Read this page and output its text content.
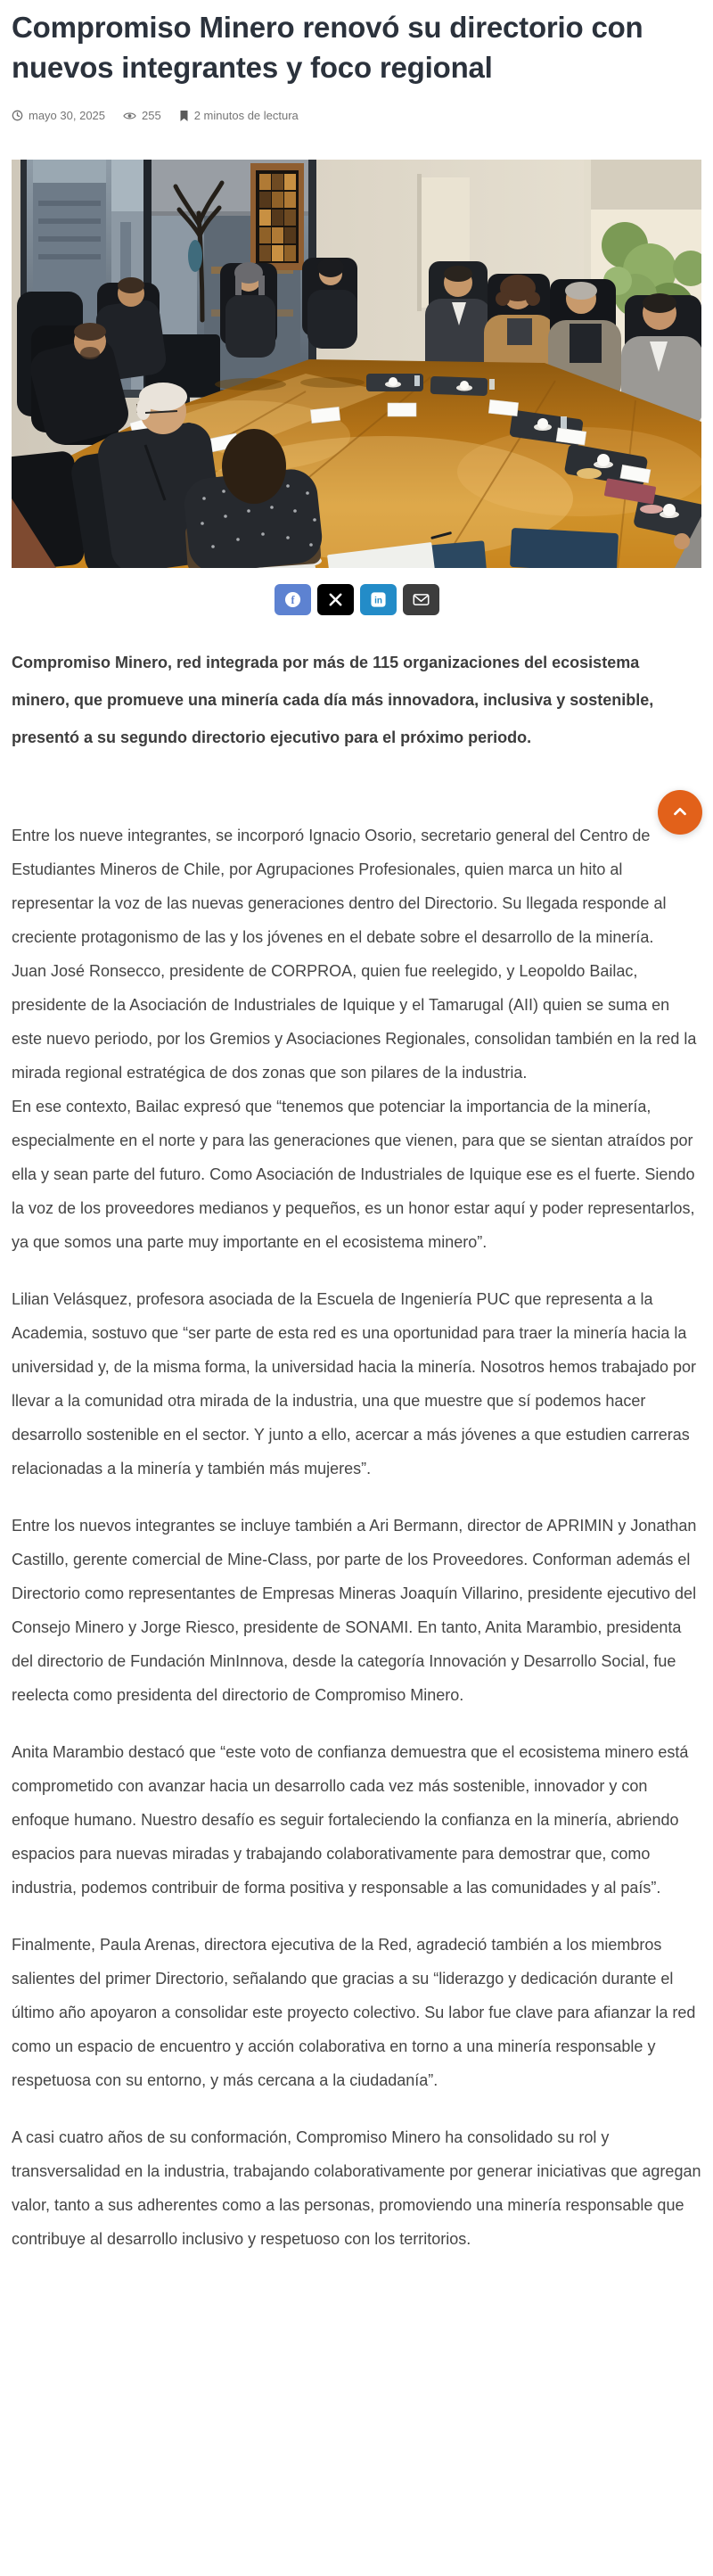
Compromiso Minero renovó su directorio con nuevos integrantes y foco regional
mayo 30, 2025	255	2 minutos de lectura
f	in

Compromiso Minero, red integrada por más de 115 organizaciones del ecosistema minero, que promueve una minería cada día más innovadora, inclusiva y sostenible, presentó a su segundo directorio ejecutivo para el próximo periodo.

Entre los nueve integrantes, se incorporó Ignacio Osorio, secretario general del Centro de Estudiantes Mineros de Chile, por Agrupaciones Profesionales, quien marca un hito al representar la voz de las nuevas generaciones dentro del Directorio. Su llegada responde al creciente protagonismo de las y los jóvenes en el debate sobre el desarrollo de la minería.

Juan José Ronsecco, presidente de CORPROA, quien fue reelegido, y Leopoldo Bailac, presidente de la Asociación de Industriales de Iquique y el Tamarugal (AII) quien se suma en este nuevo periodo, por los Gremios y Asociaciones Regionales, consolidan también en la red la mirada regional estratégica de dos zonas que son pilares de la industria.

En ese contexto, Bailac expresó que “tenemos que potenciar la importancia de la minería, especialmente en el norte y para las generaciones que vienen, para que se sientan atraídos por ella y sean parte del futuro. Como Asociación de Industriales de Iquique ese es el fuerte. Siendo la voz de los proveedores medianos y pequeños, es un honor estar aquí y poder representarlos, ya que somos una parte muy importante en el ecosistema minero”.

Lilian Velásquez, profesora asociada de la Escuela de Ingeniería PUC que representa a la Academia, sostuvo que “ser parte de esta red es una oportunidad para traer la minería hacia la universidad y, de la misma forma, la universidad hacia la minería. Nosotros hemos trabajado por llevar a la comunidad otra mirada de la industria, una que muestre que sí podemos hacer desarrollo sostenible en el sector. Y junto a ello, acercar a más jóvenes a que estudien carreras relacionadas a la minería y también más mujeres”.

Entre los nuevos integrantes se incluye también a Ari Bermann, director de APRIMIN y Jonathan Castillo, gerente comercial de Mine-Class, por parte de los Proveedores. Conforman además el Directorio como representantes de Empresas Mineras Joaquín Villarino, presidente ejecutivo del Consejo Minero y Jorge Riesco, presidente de SONAMI. En tanto, Anita Marambio, presidenta del directorio de Fundación MinInnova, desde la categoría Innovación y Desarrollo Social, fue reelecta como presidenta del directorio de Compromiso Minero.

Anita Marambio destacó que “este voto de confianza demuestra que el ecosistema minero está comprometido con avanzar hacia un desarrollo cada vez más sostenible, innovador y con enfoque humano. Nuestro desafío es seguir fortaleciendo la confianza en la minería, abriendo espacios para nuevas miradas y trabajando colaborativamente para demostrar que, como industria, podemos contribuir de forma positiva y responsable a las comunidades y al país”.

Finalmente, Paula Arenas, directora ejecutiva de la Red, agradeció también a los miembros salientes del primer Directorio, señalando que gracias a su “liderazgo y dedicación durante el último año apoyaron a consolidar este proyecto colectivo. Su labor fue clave para afianzar la red como un espacio de encuentro y acción colaborativa en torno a una minería responsable y respetuosa con su entorno, y más cercana a la ciudadanía”.

A casi cuatro años de su conformación, Compromiso Minero ha consolidado su rol y transversalidad en la industria, trabajando colaborativamente por generar iniciativas que agregan valor, tanto a sus adherentes como a las personas, promoviendo una minería responsable que contribuye al desarrollo inclusivo y respetuoso con los territorios.
